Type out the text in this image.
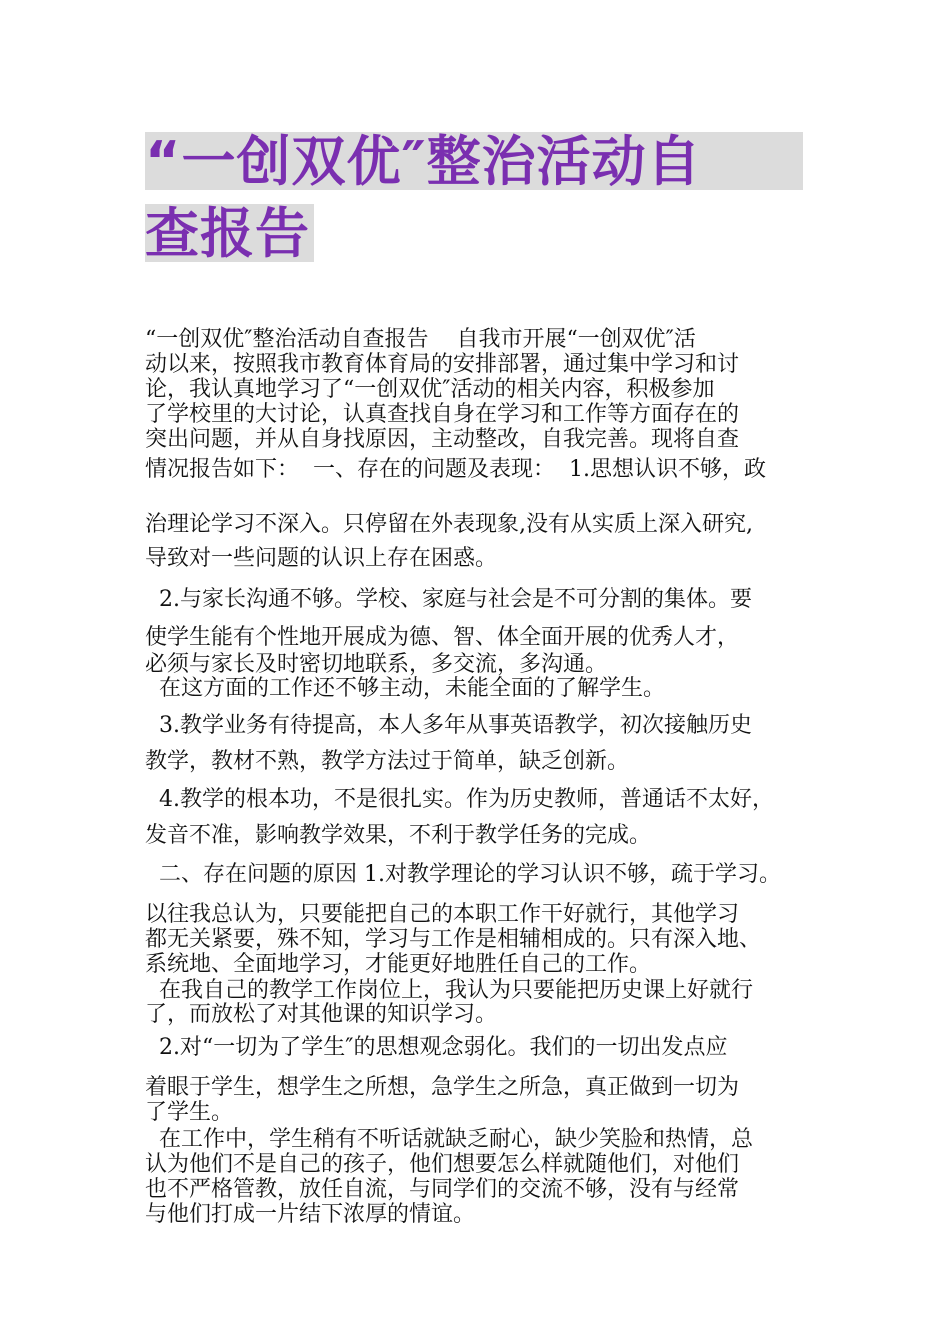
“一创双优″整治活动自
查报告
“一创双优″整治活动自查报告    自我市开展“一创双优″活
动以来，按照我市教育体育局的安排部署，通过集中学习和讨
论，我认真地学习了“一创双优″活动的相关内容，积极参加
了学校里的大讨论，认真查找自身在学习和工作等方面存在的
突出问题，并从自身找原因，主动整改，自我完善。现将自查
情况报告如下：  一、存在的问题及表现：  1.思想认识不够，政
治理论学习不深入。只停留在外表现象,没有从实质上深入研究,
导致对一些问题的认识上存在困惑。
2.与家长沟通不够。学校、家庭与社会是不可分割的集体。要
使学生能有个性地开展成为德、智、体全面开展的优秀人才，
必须与家长及时密切地联系，多交流，多沟通。
在这方面的工作还不够主动，未能全面的了解学生。
3.教学业务有待提高，本人多年从事英语教学，初次接触历史
教学，教材不熟，教学方法过于简单，缺乏创新。
4.教学的根本功，不是很扎实。作为历史教师，普通话不太好，
发音不准，影响教学效果，不利于教学任务的完成。
二、存在问题的原因 1.对教学理论的学习认识不够，疏于学习。
以往我总认为，只要能把自己的本职工作干好就行，其他学习
都无关紧要，殊不知，学习与工作是相辅相成的。只有深入地、
系统地、全面地学习，才能更好地胜任自己的工作。
在我自己的教学工作岗位上，我认为只要能把历史课上好就行
了，而放松了对其他课的知识学习。
2.对“一切为了学生″的思想观念弱化。我们的一切出发点应
着眼于学生，想学生之所想，急学生之所急，真正做到一切为
了学生。
在工作中，学生稍有不听话就缺乏耐心，缺少笑脸和热情，总
认为他们不是自己的孩子，他们想要怎么样就随他们，对他们
也不严格管教，放任自流，与同学们的交流不够，没有与经常
与他们打成一片结下浓厚的情谊。
